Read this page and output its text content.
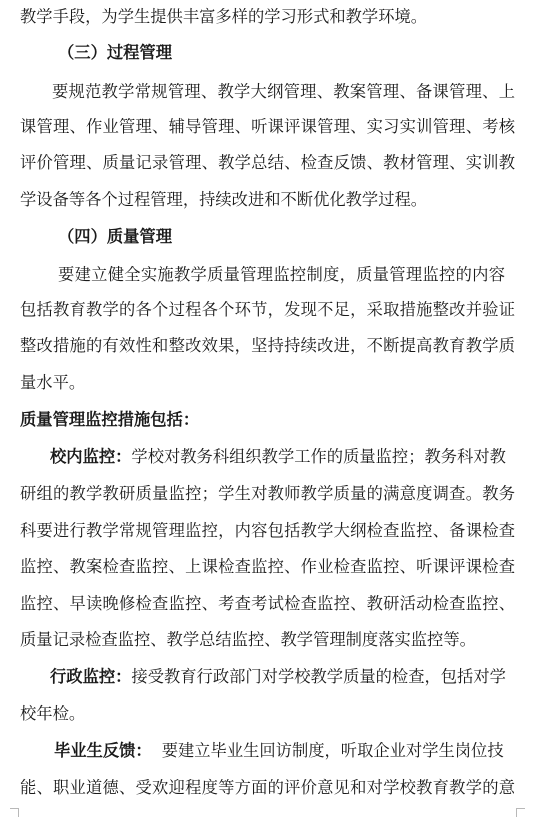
教学手段，为学生提供丰富多样的学习形式和教学环境。
（三）过程管理
要规范教学常规管理、教学大纲管理、教案管理、备课管理、上
课管理、作业管理、辅导管理、听课评课管理、实习实训管理、考核
评价管理、质量记录管理、教学总结、检查反馈、教材管理、实训教
学设备等各个过程管理，持续改进和不断优化教学过程。
（四）质量管理
要建立健全实施教学质量管理监控制度，质量管理监控的内容
包括教育教学的各个过程各个环节，发现不足，采取措施整改并验证
整改措施的有效性和整改效果，坚持持续改进，不断提高教育教学质
量水平。
质量管理监控措施包括：
校内监控：学校对教务科组织教学工作的质量监控；教务科对教
研组的教学教研质量监控；学生对教师教学质量的满意度调查。教务
科要进行教学常规管理监控，内容包括教学大纲检查监控、备课检查
监控、教案检查监控、上课检查监控、作业检查监控、听课评课检查
监控、早读晚修检查监控、考查考试检查监控、教研活动检查监控、
质量记录检查监控、教学总结监控、教学管理制度落实监控等。
行政监控：接受教育行政部门对学校教学质量的检查，包括对学
校年检。
毕业生反馈： 要建立毕业生回访制度，听取企业对学生岗位技
能、职业道德、受欢迎程度等方面的评价意见和对学校教育教学的意
